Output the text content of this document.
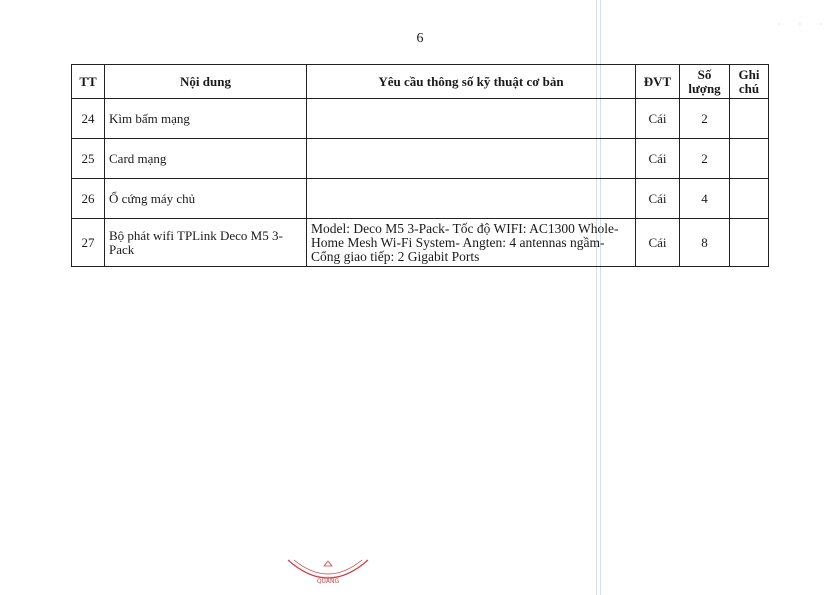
· · ·
6
TT	Nội dung	Yêu cầu thông số kỹ thuật cơ bản	ĐVT	Số lượng	Ghi chú
24	Kìm bấm mạng		Cái	2	
25	Card mạng		Cái	2	
26	Ổ cứng máy chủ		Cái	4	
27	Bộ phát wifi TPLink Deco M5 3-Pack	Model: Deco M5 3-Pack- Tốc độ WIFI: AC1300 Whole-Home Mesh Wi-Fi System- Angten: 4 antennas ngầm- Cổng giao tiếp: 2 Gigabit Ports	Cái	8	
QUẢNG
